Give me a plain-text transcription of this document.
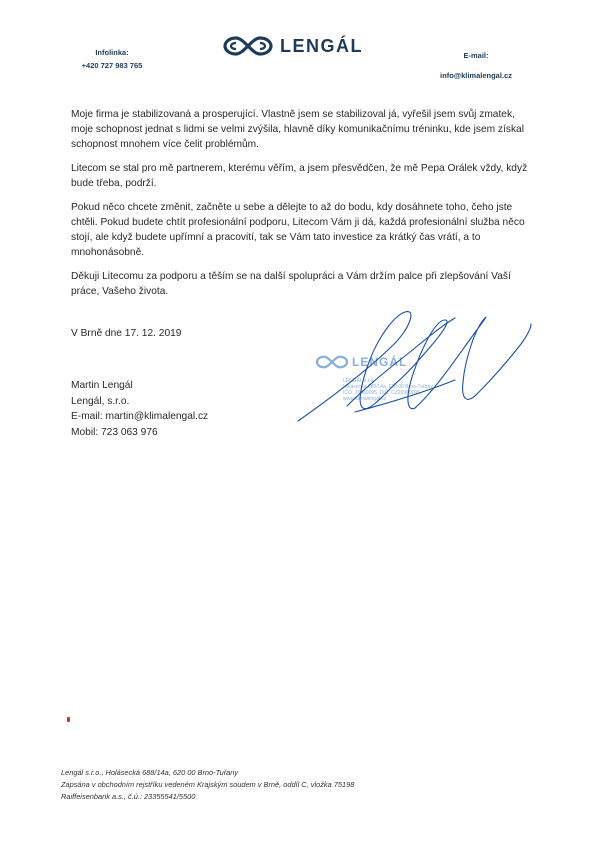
Infolinka:
+420 727 983 765
LENGÁL	E-mail:
info@klimalengal.cz

Moje firma je stabilizovaná a prosperující. Vlastně jsem se stabilizoval já, vyřešil jsem svůj zmatek, moje schopnost jednat s lidmi se velmi zvýšila, hlavně díky komunikačnímu tréninku, kde jsem získal schopnost mnohem více čelit problémům.

Litecom se stal pro mě partnerem, kterému věřím, a jsem přesvědčen, že mě Pepa Orálek vždy, když bude třeba, podrží.

Pokud něco chcete změnit, začněte u sebe a dělejte to až do bodu, kdy dosáhnete toho, čeho jste chtěli. Pokud budete chtít profesionální podporu, Litecom Vám ji dá, každá profesionální služba něco stojí, ale když budete upřímní a pracovití, tak se Vám tato investice za krátký čas vrátí, a to mnohonásobně.

Děkuji Litecomu za podporu a těším se na další spolupráci a Vám držím palce při zlepšování Vaší práce, Vašeho života.

V Brně dne 17. 12. 2019
Martin Lengál
Lengál, s.r.o.
E-mail: martin@klimalengal.cz
Mobil: 723 063 976
LENGÁL
LENGÁL s.r.o.
Holásecká 688/14a, 620 00 Brno-Tuřany
IČO: 26960095, DIČ: CZ26960095
www.klimalengal.cz
Lengál s.r.o., Holásecká 688/14a, 620 00 Brno-Tuřany
Zapsána v obchodním rejstříku vedeném Krajským soudem v Brně, oddíl C, vložka 75198
Raiffeisenbank a.s., č.ú.: 23355541/5500
